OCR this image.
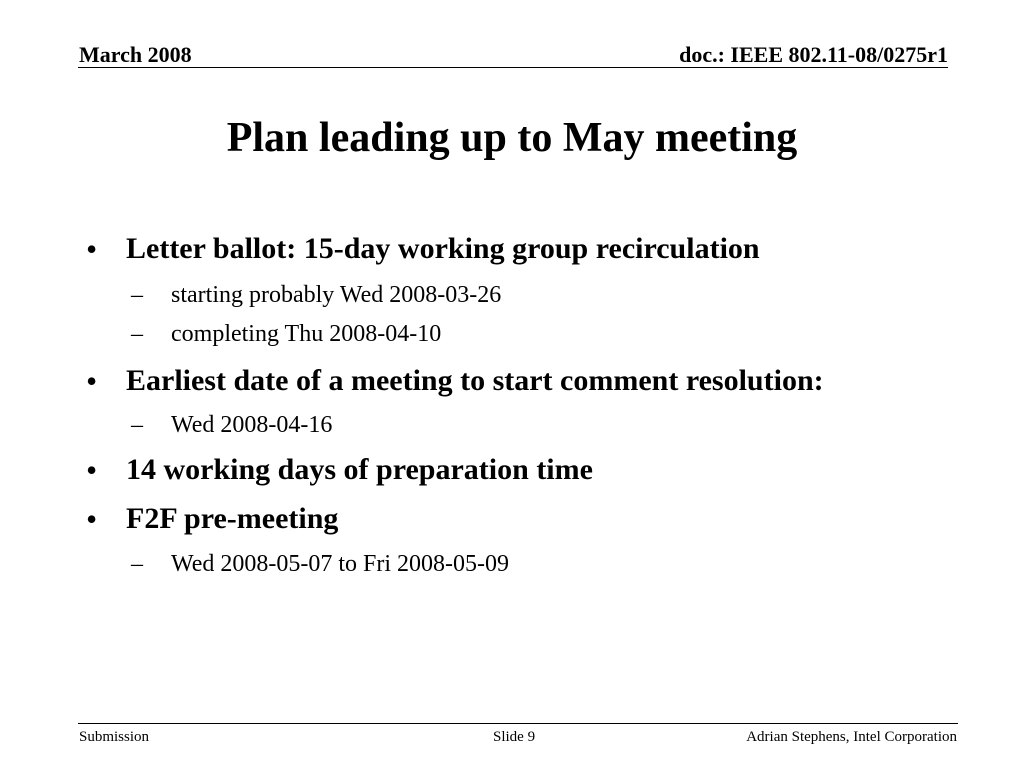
March 2008	doc.: IEEE 802.11-08/0275r1
Plan leading up to May meeting
• Letter ballot: 15-day working group recirculation
– starting probably Wed 2008-03-26
– completing Thu 2008-04-10
• Earliest date of a meeting to start comment resolution:
– Wed 2008-04-16
• 14 working days of preparation time
• F2F pre-meeting
– Wed 2008-05-07 to Fri 2008-05-09
Submission	Slide 9	Adrian Stephens, Intel Corporation
